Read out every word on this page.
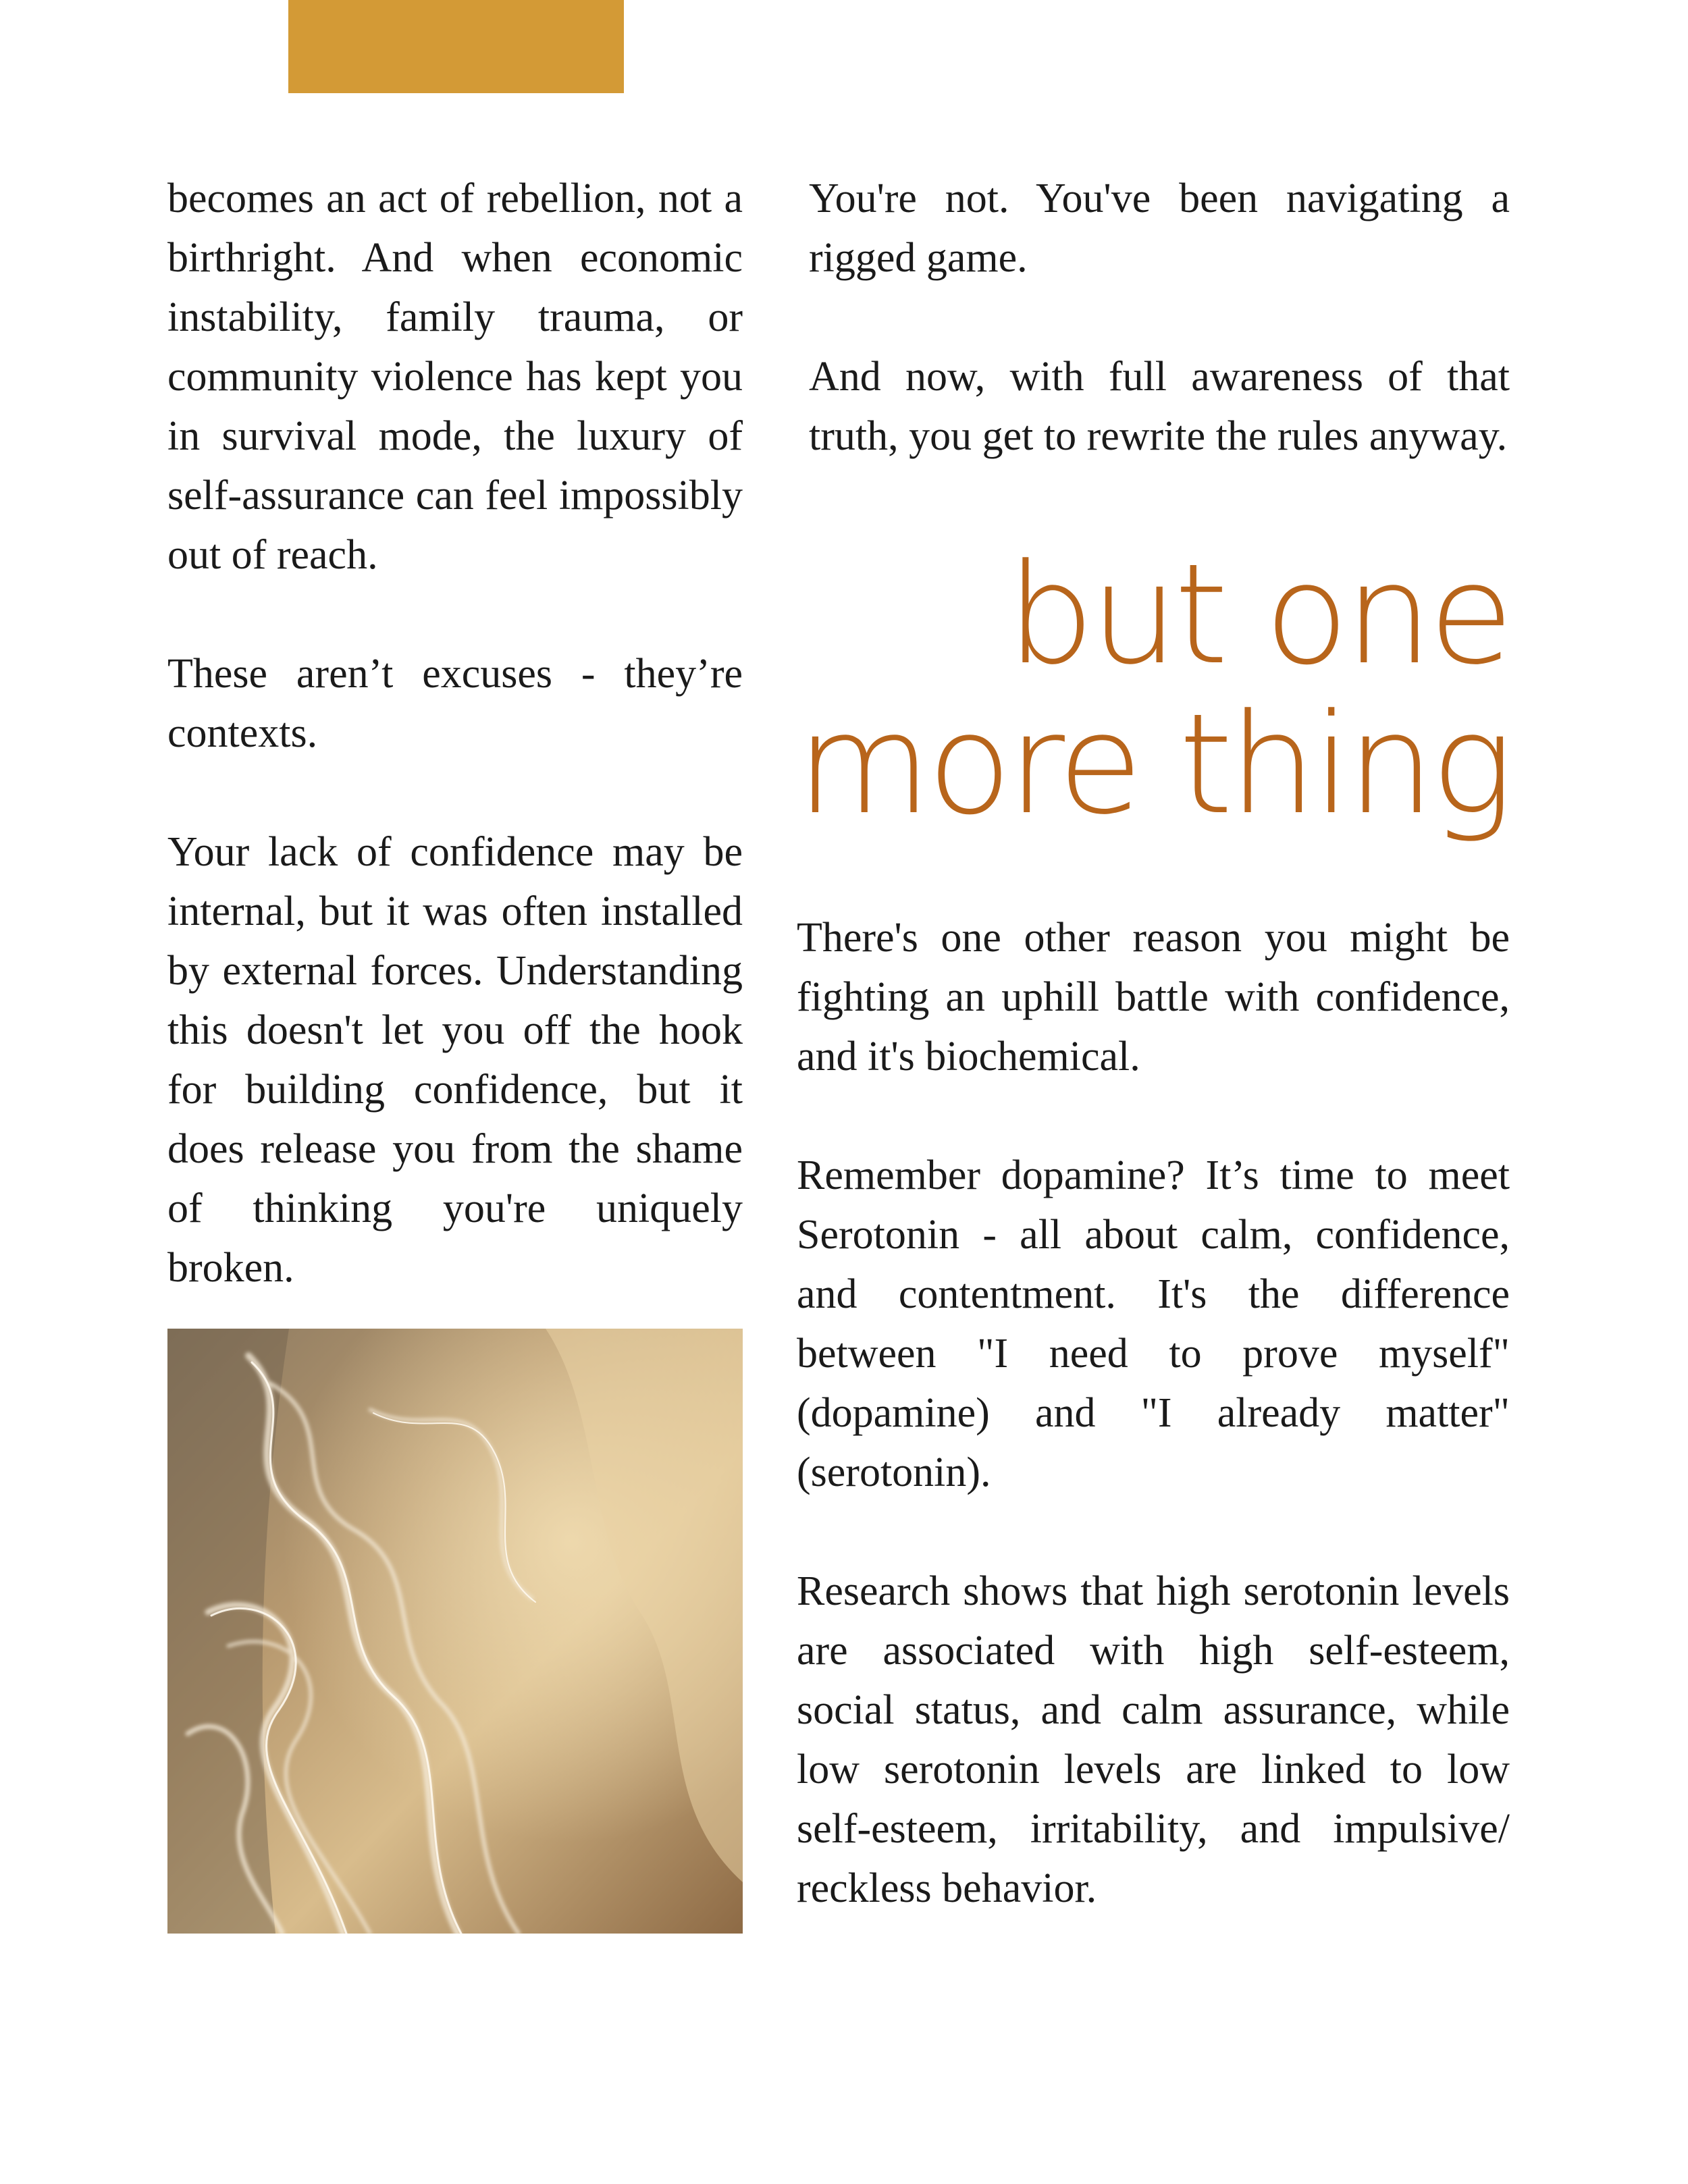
becomes an act of rebellion, not a birthright. And when economic instability, family trauma, or community violence has kept you in survival mode, the luxury of self-assurance can feel impossibly out of reach.

These aren’t excuses - they’re contexts.

Your lack of confidence may be internal, but it was often installed by external forces. Understanding this doesn't let you off the hook for building confidence, but it does release you from the shame of thinking you're uniquely broken.

You're not. You've been navigating a rigged game.

And now, with full awareness of that truth, you get to rewrite the rules anyway.

but one
more thing

There's one other reason you might be fighting an uphill battle with confidence, and it's biochemical.

Remember dopamine? It’s time to meet Serotonin - all about calm, confidence, and contentment. It's the difference between "I need to prove myself" (dopamine) and "I already matter" (serotonin).

Research shows that high serotonin levels are associated with high self-esteem, social status, and calm assurance, while low serotonin levels are linked to low self-esteem, irritability, and impulsive/ reckless behavior.
